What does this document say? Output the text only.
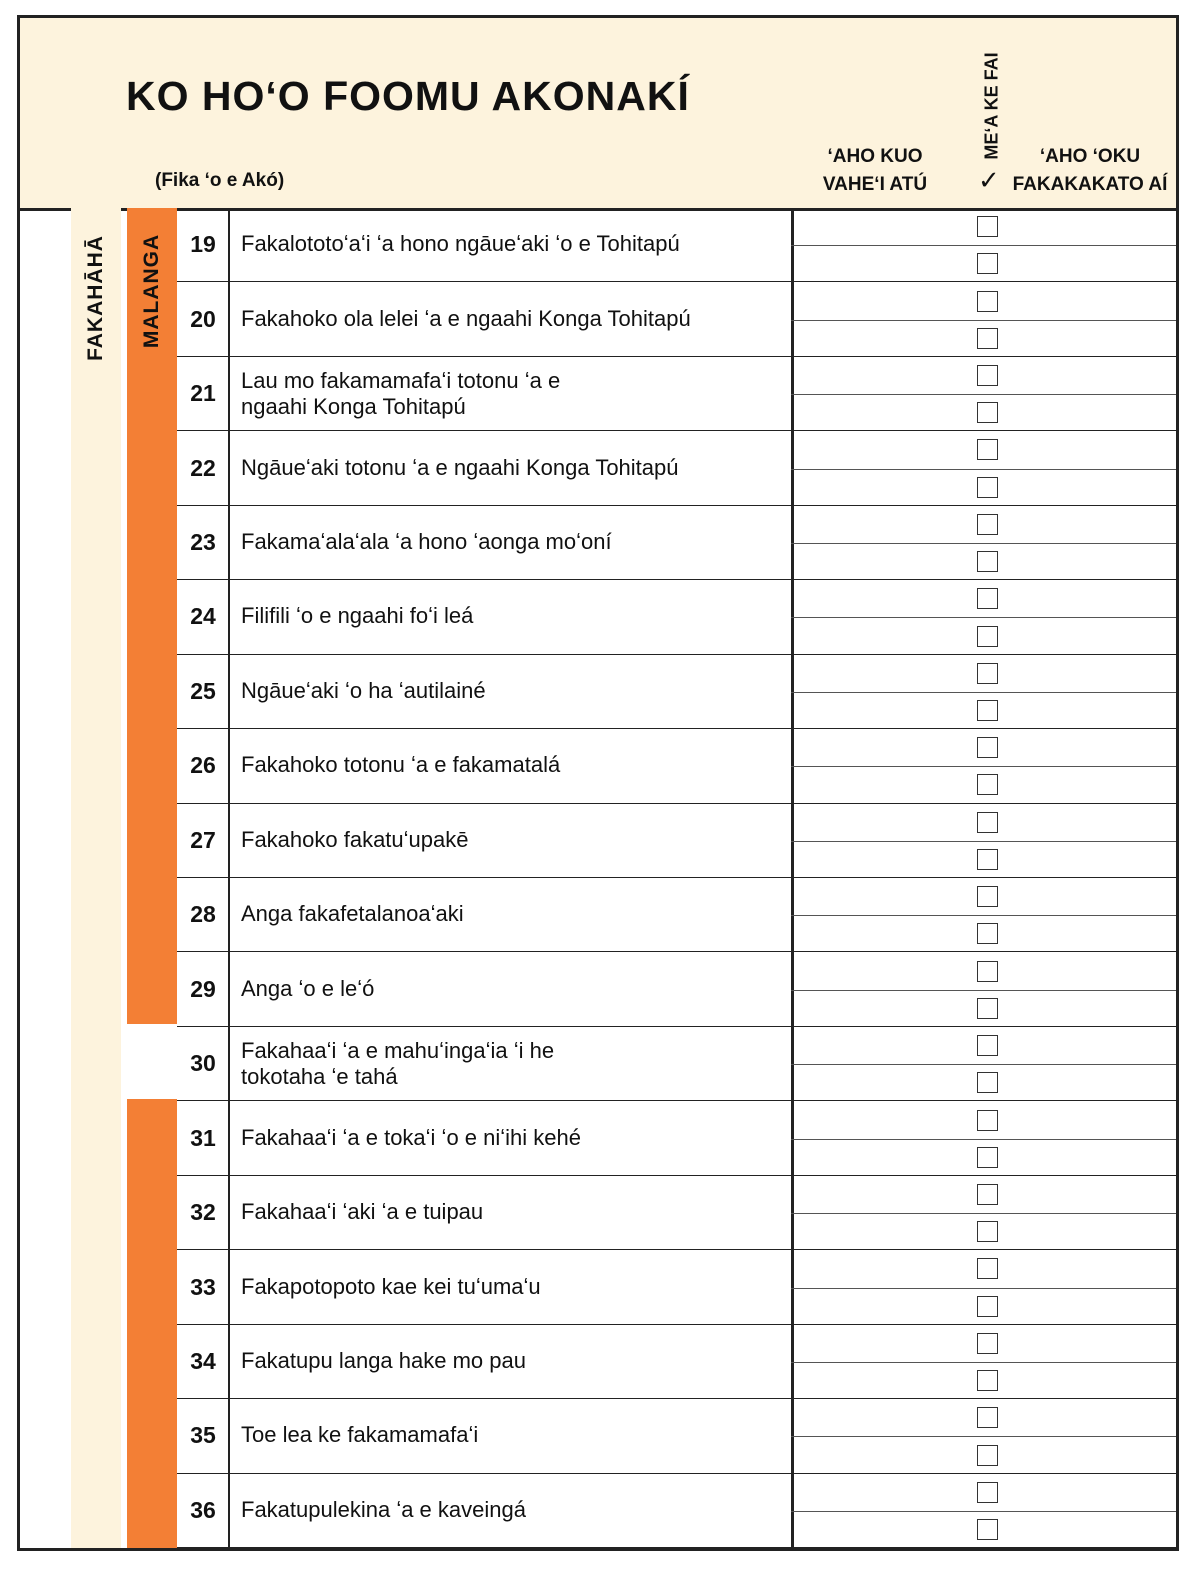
KO HOʻO FOOMU AKONAKÍ
(Fika ʻo e Akó)
ʻAHO KUO VAHEʻI ATÚ
MEʻA KE FAI
✓
ʻAHO ʻOKU FAKAKAKATO AÍ
FAKAHĀHĀ MALANGA	19	Fakalototoʻaʻi ʻa hono ngāueʻaki ʻo e Tohitapú
20	Fakahoko ola lelei ʻa e ngaahi Konga Tohitapú
21	Lau mo fakamamafaʻi totonu ʻa e ngaahi Konga Tohitapú
22	Ngāueʻaki totonu ʻa e ngaahi Konga Tohitapú
23	Fakamaʻalaʻala ʻa hono ʻaonga moʻoní
24	Filifili ʻo e ngaahi foʻi leá
25	Ngāueʻaki ʻo ha ʻautilainé
26	Fakahoko totonu ʻa e fakamatalá
27	Fakahoko fakatuʻupakē
28	Anga fakafetalanoaʻaki
29	Anga ʻo e leʻó
30	Fakahaaʻi ʻa e mahuʻingaʻia ʻi he tokotaha ʻe tahá
31	Fakahaaʻi ʻa e tokaʻi ʻo e niʻihi kehé
32	Fakahaaʻi ʻaki ʻa e tuipau
33	Fakapotopoto kae kei tuʻumaʻu
34	Fakatupu langa hake mo pau
35	Toe lea ke fakamamafaʻi
36	Fakatupulekina ʻa e kaveingá
